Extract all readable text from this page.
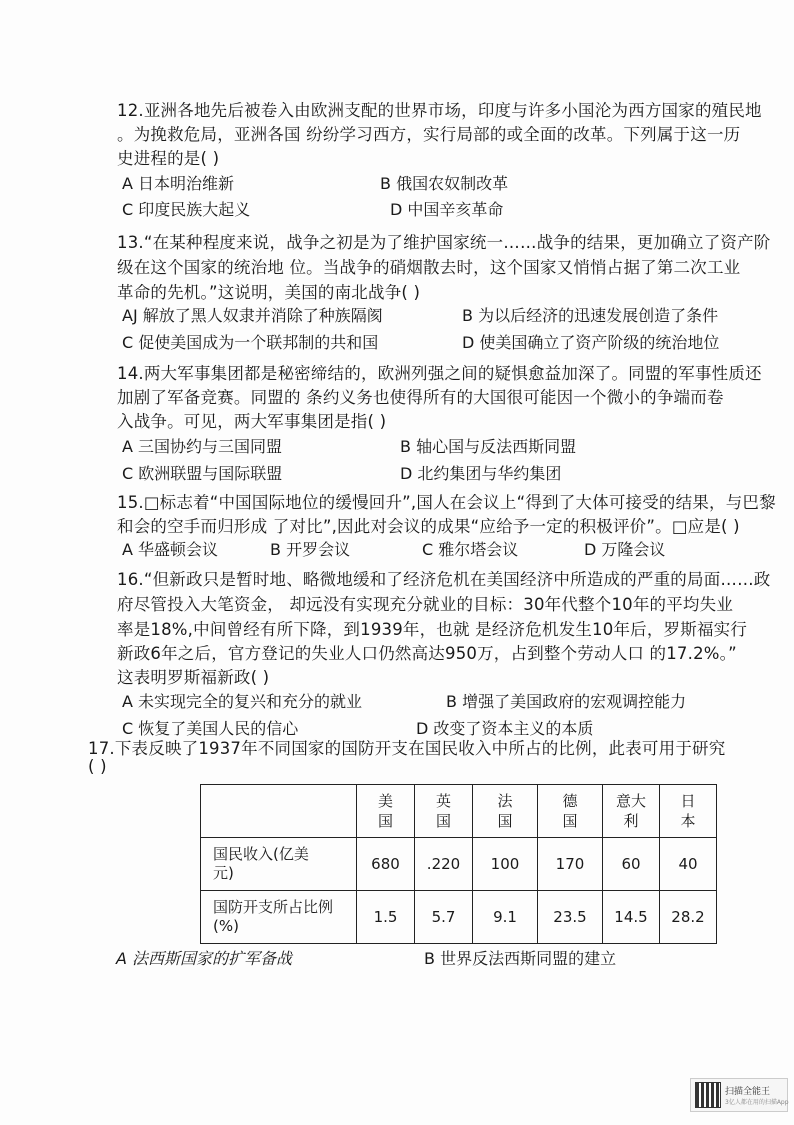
12.亚洲各地先后被卷入由欧洲支配的世界市场，印度与许多小国沦为西方国家的殖民地
。为挽救危局，亚洲各国 纷纷学习西方，实行局部的或全面的改革。下列属于这一历
史进程的是( )
A 日本明治维新	B 俄国农奴制改革
C 印度民族大起义	D 中国辛亥革命
13.“在某种程度来说，战争之初是为了维护国家统一……战争的结果，更加确立了资产阶
级在这个国家的统治地 位。当战争的硝烟散去时，这个国家又悄悄占据了第二次工业
革命的先机。”这说明，美国的南北战争( )
AJ 解放了黑人奴隶并消除了种族隔阂	B 为以后经济的迅速发展创造了条件
C 促使美国成为一个联邦制的共和国	D 使美国确立了资产阶级的统治地位
14.两大军事集团都是秘密缔结的，欧洲列强之间的疑惧愈益加深了。同盟的军事性质还
加剧了军备竞赛。同盟的 条约义务也使得所有的大国很可能因一个微小的争端而卷
入战争。可见，两大军事集团是指( )
A 三国协约与三国同盟	B 轴心国与反法西斯同盟
C 欧洲联盟与国际联盟	D 北约集团与华约集团
15.□标志着“中国国际地位的缓慢回升”,国人在会议上“得到了大体可接受的结果，与巴黎
和会的空手而归形成 了对比”,因此对会议的成果“应给予一定的积极评价”。□应是( )
A 华盛顿会议	B 开罗会议	C 雅尔塔会议	D 万隆会议
16.“但新政只是暂时地、略微地缓和了经济危机在美国经济中所造成的严重的局面……政
府尽管投入大笔资金， 却远没有实现充分就业的目标：30年代整个10年的平均失业
率是18%,中间曾经有所下降，到1939年，也就 是经济危机发生10年后，罗斯福实行
新政6年之后，官方登记的失业人口仍然高达950万，占到整个劳动人口 的17.2%。”
这表明罗斯福新政( )
A 未实现完全的复兴和充分的就业	B 增强了美国政府的宏观调控能力
C 恢复了美国人民的信心	D 改变了资本主义的本质
17.下表反映了1937年不同国家的国防开支在国民收入中所占的比例，此表可用于研究
( )
	美国	英国	法国	德国	意大利	日本
国民收入(亿美元)	680	.220	100	170	60	40
国防开支所占比例(%)	1.5	5.7	9.1	23.5	14.5	28.2
A 法西斯国家的扩军备战	B 世界反法西斯同盟的建立
扫描全能王
3亿人都在用的扫描App
